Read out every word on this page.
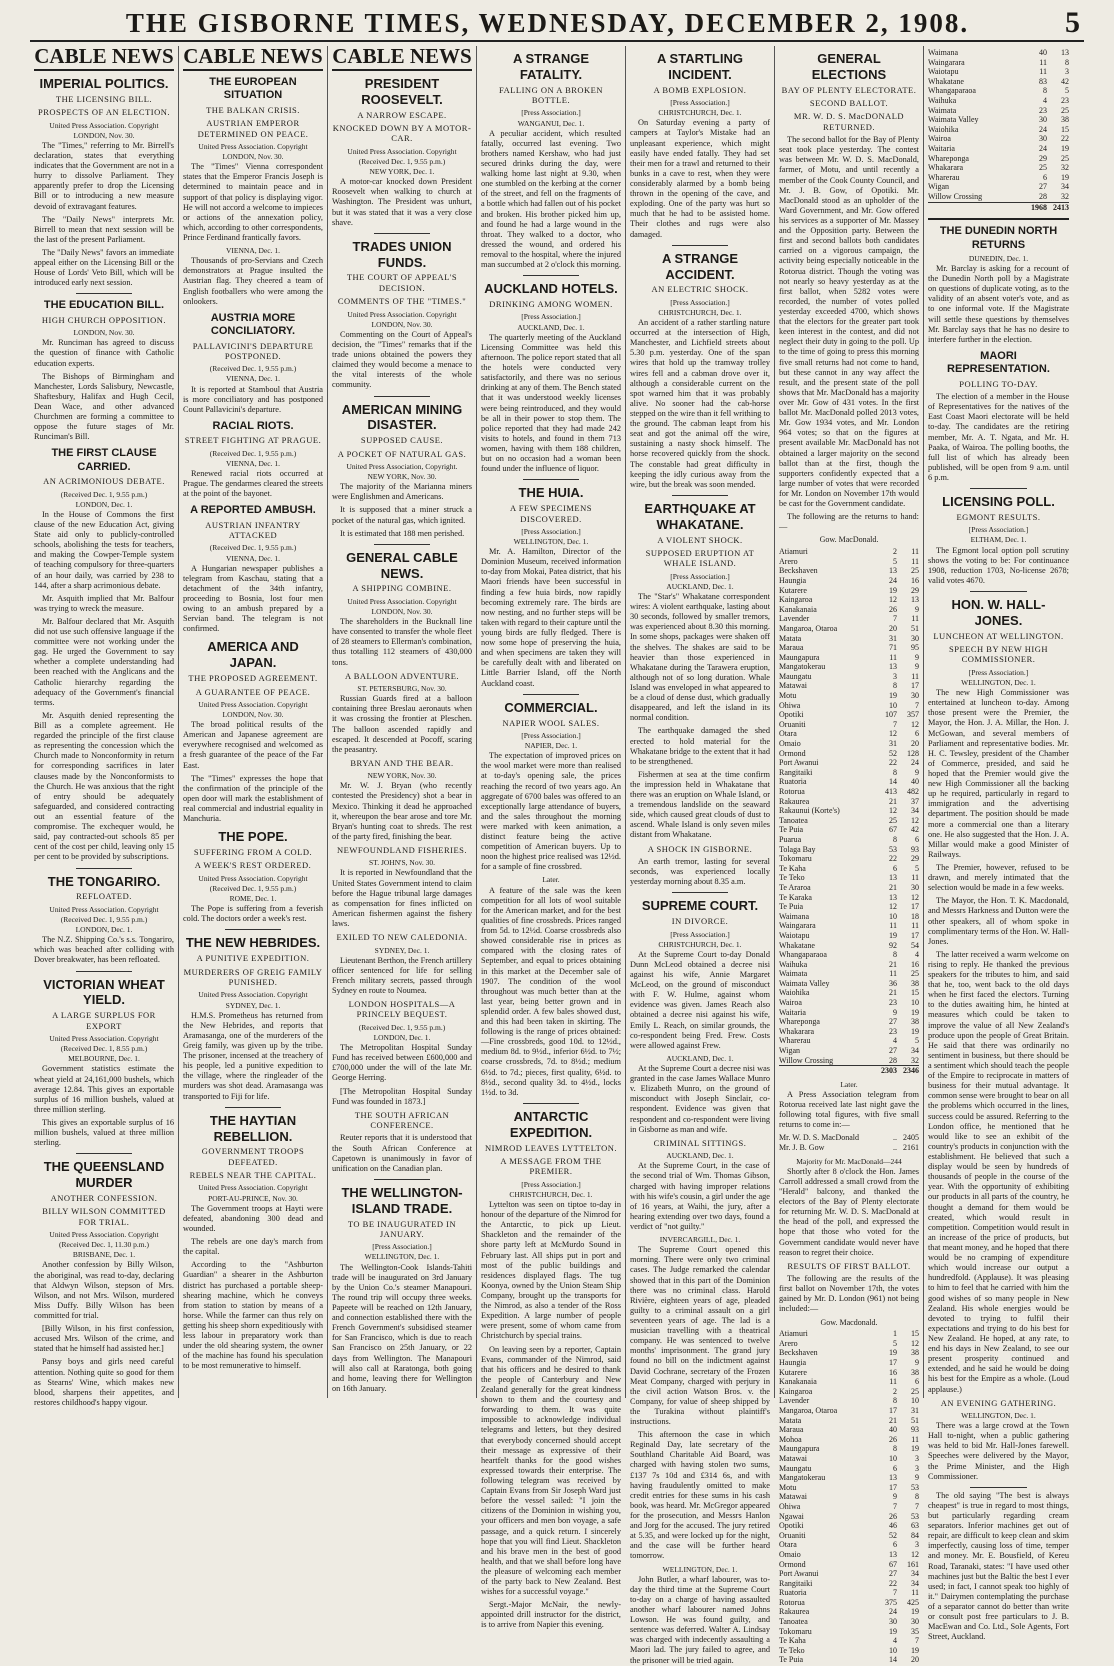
THE GISBORNE TIMES, WEDNESDAY, DECEMBER 2, 1908.	5
CABLE NEWS
IMPERIAL POLITICS.
THE LICENSING BILL.
PROSPECTS OF AN ELECTION.

United Press Association. Copyright

LONDON, Nov. 30.

The "Times," referring to Mr. Birrell's declaration, states that everything indicates that the Government are not in a hurry to dissolve Parliament. They apparently prefer to drop the Licensing Bill or to introducing a new measure devoid of extravagant features.

The "Daily News" interprets Mr. Birrell to mean that next session will be the last of the present Parliament.

The "Daily News" favors an immediate appeal either on the Licensing Bill or the House of Lords' Veto Bill, which will be introduced early next session.

THE EDUCATION BILL.
HIGH CHURCH OPPOSITION.

LONDON, Nov. 30.

Mr. Runciman has agreed to discuss the question of finance with Catholic education experts.

The Bishops of Birmingham and Manchester, Lords Salisbury, Newcastle, Shaftesbury, Halifax and Hugh Cecil, Dean Wace, and other advanced Churchmen are forming a committee to oppose the future stages of Mr. Runciman's Bill.

THE FIRST CLAUSE CARRIED.
AN ACRIMONIOUS DEBATE.

(Received Dec. 1, 9.55 p.m.)

LONDON, Dec. 1.

In the House of Commons the first clause of the new Education Act, giving State aid only to publicly-controlled schools, abolishing the tests for teachers, and making the Cowper-Temple system of teaching compulsory for three-quarters of an hour daily, was carried by 238 to 144, after a sharp acrimonious debate.

Mr. Asquith implied that Mr. Balfour was trying to wreck the measure.

Mr. Balfour declared that Mr. Asquith did not use such offensive language if the committee were not working under the gag. He urged the Government to say whether a complete understanding had been reached with the Anglicans and the Catholic hierarchy regarding the adequacy of the Government's financial terms.

Mr. Asquith denied representing the Bill as a complete agreement. He regarded the principle of the first clause as representing the concession which the Church made to Nonconformity in return for corresponding sacrifices in later clauses made by the Nonconformists to the Church. He was anxious that the right of entry should be adequately safeguarded, and considered contracting out an essential feature of the compromise. The exchequer would, he said, pay contracted-out schools 85 per cent of the cost per child, leaving only 15 per cent to be provided by subscriptions.

THE TONGARIRO.
REFLOATED.

United Press Association. Copyright

(Received Dec. 1, 9.55 p.m.)

LONDON, Dec. 1.

The N.Z. Shipping Co.'s s.s. Tongariro, which was beached after colliding with Dover breakwater, has been refloated.

VICTORIAN WHEAT YIELD.
A LARGE SURPLUS FOR EXPORT

United Press Association. Copyright

(Received Dec. 1, 8.55 p.m.)

MELBOURNE, Dec. 1.

Government statistics estimate the wheat yield at 24,161,000 bushels, which average 12.84. This gives an exportable surplus of 16 million bushels, valued at three million sterling.

This gives an exportable surplus of 16 million bushels, valued at three million sterling.

THE QUEENSLAND MURDER
ANOTHER CONFESSION.
BILLY WILSON COMMITTED FOR TRIAL.

United Press Association. Copyright

(Received Dec. 1, 11.30 p.m.)

BRISBANE, Dec. 1.

Another confession by Billy Wilson, the aboriginal, was read to-day, declaring that Aldwyn Wilson, stepson of Mrs. Wilson, and not Mrs. Wilson, murdered Miss Duffy. Billy Wilson has been committed for trial.

[Billy Wilson, in his first confession, accused Mrs. Wilson of the crime, and stated that he himself had assisted her.]

Pansy boys and girls need careful attention. Nothing quite so good for them as Stearns' Wine, which makes new blood, sharpens their appetites, and restores childhood's happy vigour.

CABLE NEWS
THE EUROPEAN SITUATION
THE BALKAN CRISIS.
AUSTRIAN EMPEROR DETERMINED ON PEACE.

United Press Association. Copyright

LONDON, Nov. 30.

The "Times" Vienna correspondent states that the Emperor Francis Joseph is determined to maintain peace and in support of that policy is displaying vigor. He will not accord a welcome to impieces or actions of the annexation policy, which, according to other correspondents, Prince Ferdinand frantically favors.

VIENNA, Dec. 1.

Thousands of pro-Servians and Czech demonstrators at Prague insulted the Austrian flag. They cheered a team of English footballers who were among the onlookers.

AUSTRIA MORE CONCILIATORY.
PALLAVICINI'S DEPARTURE POSTPONED.

(Received Dec. 1, 9.55 p.m.)

VIENNA, Dec. 1.

It is reported at Stamboul that Austria is more conciliatory and has postponed Count Pallavicini's departure.

RACIAL RIOTS.
STREET FIGHTING AT PRAGUE.

(Received Dec. 1, 9.55 p.m.)

VIENNA, Dec. 1.

Renewed racial riots occurred at Prague. The gendarmes cleared the streets at the point of the bayonet.

A REPORTED AMBUSH.
AUSTRIAN INFANTRY ATTACKED

(Received Dec. 1, 9.55 p.m.)

VIENNA, Dec. 1.

A Hungarian newspaper publishes a telegram from Kaschau, stating that a detachment of the 34th infantry, proceeding to Bosnia, lost four men owing to an ambush prepared by a Servian band. The telegram is not confirmed.

AMERICA AND JAPAN.
THE PROPOSED AGREEMENT.
A GUARANTEE OF PEACE.

United Press Association. Copyright

LONDON, Nov. 30.

The broad political results of the American and Japanese agreement are everywhere recognised and welcomed as a fresh guarantee of the peace of the Far East.

The "Times" expresses the hope that the confirmation of the principle of the open door will mark the establishment of real commercial and industrial equality in Manchuria.

THE POPE.
SUFFERING FROM A COLD.
A WEEK'S REST ORDERED.

United Press Association. Copyright

(Received Dec. 1, 9.55 p.m.)

ROME, Dec. 1.

The Pope is suffering from a feverish cold. The doctors order a week's rest.

THE NEW HEBRIDES.
A PUNITIVE EXPEDITION.
MURDERERS OF GREIG FAMILY PUNISHED.

United Press Association. Copyright

SYDNEY, Dec. 1.

H.M.S. Prometheus has returned from the New Hebrides, and reports that Aramasanga, one of the murderers of the Greig family, was given up by the tribe. The prisoner, incensed at the treachery of his people, led a punitive expedition to the village, where the ringleader of the murders was shot dead. Aramasanga was transported to Fiji for life.

THE HAYTIAN REBELLION.
GOVERNMENT TROOPS DEFEATED.
REBELS NEAR THE CAPITAL.

United Press Association. Copyright

PORT-AU-PRINCE, Nov. 30.

The Government troops at Hayti were defeated, abandoning 300 dead and wounded.

The rebels are one day's march from the capital.

According to the "Ashburton Guardian" a shearer in the Ashburton district has purchased a portable sheep-shearing machine, which he conveys from station to station by means of a horse. While the farmer can thus rely on getting his sheep shorn expeditiously with less labour in preparatory work than under the old shearing system, the owner of the machine has found his speculation to be most remunerative to himself.

CABLE NEWS
PRESIDENT ROOSEVELT.
A NARROW ESCAPE.
KNOCKED DOWN BY A MOTOR-CAR.

United Press Association. Copyright

(Received Dec. 1, 9.55 p.m.)

NEW YORK, Dec. 1.

A motor-car knocked down President Roosevelt when walking to church at Washington. The President was unhurt, but it was stated that it was a very close shave.

TRADES UNION FUNDS.
THE COURT OF APPEAL'S DECISION.
COMMENTS OF THE "TIMES."

United Press Association. Copyright

LONDON, Nov. 30.

Commenting on the Court of Appeal's decision, the "Times" remarks that if the trade unions obtained the powers they claimed they would become a menace to the vital interests of the whole community.

AMERICAN MINING DISASTER.
SUPPOSED CAUSE.
A POCKET OF NATURAL GAS.

United Press Association, Copyright.

NEW YORK, Nov. 30.

The majority of the Marianna miners were Englishmen and Americans.

It is supposed that a miner struck a pocket of the natural gas, which ignited.

It is estimated that 188 men perished.

GENERAL CABLE NEWS.
A SHIPPING COMBINE.

United Press Association. Copyright

LONDON, Nov. 30.

The shareholders in the Bucknall line have consented to transfer the whole fleet of 28 steamers to Ellerman's combination, thus totalling 112 steamers of 430,000 tons.

A BALLOON ADVENTURE.

ST. PETERSBURG, Nov. 30.

Russian Guards fired at a balloon containing three Breslau aeronauts when it was crossing the frontier at Pleschen. The balloon ascended rapidly and escaped. It descended at Pocoff, scaring the peasantry.

BRYAN AND THE BEAR.

NEW YORK, Nov. 30.

Mr. W. J. Bryan (who recently contested the Presidency) shot a bear in Mexico. Thinking it dead he approached it, whereupon the bear arose and tore Mr. Bryan's hunting coat to shreds. The rest of the party fired, finishing the bear.

NEWFOUNDLAND FISHERIES.

ST. JOHN'S, Nov. 30.

It is reported in Newfoundland that the United States Government intend to claim before the Hague tribunal large damages as compensation for fines inflicted on American fishermen against the fishery laws.

EXILED TO NEW CALEDONIA.

SYDNEY, Dec. 1.

Lieutenant Berthon, the French artillery officer sentenced for life for selling French military secrets, passed through Sydney en route to Noumea.

LONDON HOSPITALS—A PRINCELY BEQUEST.

(Received Dec. 1, 9.55 p.m.)

LONDON, Dec. 1.

The Metropolitan Hospital Sunday Fund has received between £600,000 and £700,000 under the will of the late Mr. George Herring.

[The Metropolitan Hospital Sunday Fund was founded in 1873.]

THE SOUTH AFRICAN CONFERENCE.

Reuter reports that it is understood that the South African Conference at Capetown is unanimously in favor of unification on the Canadian plan.

THE WELLINGTON-ISLAND TRADE.
TO BE INAUGURATED IN JANUARY.

[Press Association.]

WELLINGTON, Dec. 1.

The Wellington-Cook Islands-Tahiti trade will be inaugurated on 3rd January by the Union Co.'s steamer Manapouri. The round trip will occupy three weeks. Papeete will be reached on 12th January, and connection established there with the French Government's subsidised steamer for San Francisco, which is due to reach San Francisco on 25th January, or 22 days from Wellington. The Manapouri will also call at Raratonga, both going and home, leaving there for Wellington on 16th January.

A STRANGE FATALITY.
FALLING ON A BROKEN BOTTLE.

[Press Association.]

WANGANUI, Dec. 1.

A peculiar accident, which resulted fatally, occurred last evening. Two brothers named Kershaw, who had just secured drinks during the day, were walking home last night at 9.30, when one stumbled on the kerbing at the corner of the street, and fell on the fragments of a bottle which had fallen out of his pocket and broken. His brother picked him up, and found he had a large wound in the throat. They walked to a doctor, who dressed the wound, and ordered his removal to the hospital, where the injured man succumbed at 2 o'clock this morning.

AUCKLAND HOTELS.
DRINKING AMONG WOMEN.

[Press Association.]

AUCKLAND, Dec. 1.

The quarterly meeting of the Auckland Licensing Committee was held this afternoon. The police report stated that all the hotels were conducted very satisfactorily, and there was no serious drinking at any of them. The Bench stated that it was understood weekly licenses were being reintroduced, and they would be all in their power to stop them. The police reported that they had made 242 visits to hotels, and found in them 713 women, having with them 188 children, but on no occasion had a woman been found under the influence of liquor.

THE HUIA.
A FEW SPECIMENS DISCOVERED.

[Press Association.]

WELLINGTON, Dec. 1.

Mr. A. Hamilton, Director of the Dominion Museum, received information to-day from Mokai, Patea district, that his Maori friends have been successful in finding a few huia birds, now rapidly becoming extremely rare. The birds are now nesting, and no further steps will be taken with regard to their capture until the young birds are fully fledged. There is now some hope of preserving the huia, and when specimens are taken they will be carefully dealt with and liberated on Little Barrier Island, off the North Auckland coast.

COMMERCIAL.
NAPIER WOOL SALES.

[Press Association.]

NAPIER, Dec. 1.

The expectation of improved prices on the wool market were more than realised at to-day's opening sale, the prices reaching the record of two years ago. An aggregate of 6700 bales was offered to an exceptionally large attendance of buyers, and the sales throughout the morning were marked with keen animation, a distinct feature being the active competition of American buyers. Up to noon the highest price realised was 12½d. for a sample of fine crossbred.

Later.

A feature of the sale was the keen competition for all lots of wool suitable for the American market, and for the best qualities of fine crossbreds. Prices ranged from 5d. to 12½d. Coarse crossbreds also showed considerable rise in prices as compared with the closing rates of September, and equal to prices obtaining in this market at the December sale of 1907. The condition of the wool throughout was much better than at the last year, being better grown and in splendid order. A few bales showed dust, and this had been taken in skirting. The following is the range of prices obtained:—Fine crossbreds, good 10d. to 12½d., medium 8d. to 9½d., inferior 6½d. to 7½; coarse crossbreds, 7d. to 8½d.; medium 6½d. to 7d.; pieces, first quality, 6½d. to 8½d., second quality 3d. to 4½d., locks 1½d. to 3d.

ANTARCTIC EXPEDITION.
NIMROD LEAVES LYTTELTON.
A MESSAGE FROM THE PREMIER.

[Press Association.]

CHRISTCHURCH, Dec. 1.

Lyttelton was seen on tiptoe to-day in honour of the departure of the Nimrod for the Antarctic, to pick up Lieut. Shackleton and the remainder of the shore party left at McMurdo Sound in February last. All ships put in port and most of the public buildings and residences displayed flags. The tug Koonya, owned by the Union Steam Ship Company, brought up the transports for the Nimrod, as also a tender of the Ross Expedition. A large number of people were present, some of whom came from Christchurch by special trains.

On leaving seen by a reporter, Captain Evans, commander of the Nimrod, said that his officers and he desired to thank the people of Canterbury and New Zealand generally for the great kindness shown to them and the courtesy and forwarding to them. It was quite impossible to acknowledge individual telegrams and letters, but they desired that everybody concerned should accept their message as expressive of their heartfelt thanks for the good wishes expressed towards their enterprise. The following telegram was received by Captain Evans from Sir Joseph Ward just before the vessel sailed: "I join the citizens of the Dominion in wishing you, your officers and men bon voyage, a safe passage, and a quick return. I sincerely hope that you will find Lieut. Shackleton and his brave men in the best of good health, and that we shall before long have the pleasure of welcoming each member of the party back to New Zealand. Best wishes for a successful voyage."

Sergt.-Major McNair, the newly-appointed drill instructor for the district, is to arrive from Napier this evening.

A STARTLING INCIDENT.
A BOMB EXPLOSION.

[Press Association.]

CHRISTCHURCH, Dec. 1.

On Saturday evening a party of campers at Taylor's Mistake had an unpleasant experience, which might easily have ended fatally. They had set their men for a trawl and returned to their bunks in a cave to rest, when they were considerably alarmed by a bomb being thrown in the opening of the cave, and exploding. One of the party was hurt so much that he had to be assisted home. Their clothes and rugs were also damaged.

A STRANGE ACCIDENT.
AN ELECTRIC SHOCK.

[Press Association.]

CHRISTCHURCH, Dec. 1.

An accident of a rather startling nature occurred at the intersection of High, Manchester, and Lichfield streets about 5.30 p.m. yesterday. One of the span wires that hold up the tramway trolley wires fell and a cabman drove over it, although a considerable current on the spot warned him that it was probably alive. No sooner had the cab-horse stepped on the wire than it fell writhing to the ground. The cabman leapt from his seat and got the animal off the wire, sustaining a nasty shock himself. The horse recovered quickly from the shock. The constable had great difficulty in keeping the idly curious away from the wire, but the break was soon mended.

EARTHQUAKE AT WHAKATANE.
A VIOLENT SHOCK.
SUPPOSED ERUPTION AT WHALE ISLAND.

[Press Association.]

AUCKLAND, Dec. 1.

The "Star's" Whakatane correspondent wires: A violent earthquake, lasting about 30 seconds, followed by smaller tremors, was experienced about 8.30 this morning. In some shops, packages were shaken off the shelves. The shakes are said to be heavier than those experienced in Whakatane during the Tarawera eruption, although not of so long duration. Whale Island was enveloped in what appeared to be a cloud of dense dust, which gradually disappeared, and left the island in its normal condition.

The earthquake damaged the shed erected to hold material for the Whakatane bridge to the extent that it had to be strengthened.

Fishermen at sea at the time confirm the impression held in Whakatane that there was an eruption on Whale Island, or a tremendous landslide on the seaward side, which caused great clouds of dust to ascend. Whale Island is only seven miles distant from Whakatane.

A SHOCK IN GISBORNE.

An earth tremor, lasting for several seconds, was experienced locally yesterday morning about 8.35 a.m.

SUPREME COURT.
IN DIVORCE.

[Press Association.]

CHRISTCHURCH, Dec. 1.

At the Supreme Court to-day Donald Dunn McLeod obtained a decree nisi against his wife, Annie Margaret McLeod, on the ground of misconduct with F. W. Hulme, against whom evidence was given. James Reach also obtained a decree nisi against his wife, Emily L. Reach, on similar grounds, the co-respondent being Fred. Frew. Costs were allowed against Frew.

AUCKLAND, Dec. 1.

At the Supreme Court a decree nisi was granted in the case James Wallace Munro v. Elizabeth Munro, on the ground of misconduct with Joseph Sinclair, co-respondent. Evidence was given that respondent and co-respondent were living in Gisborne as man and wife.

CRIMINAL SITTINGS.

AUCKLAND, Dec. 1.

At the Supreme Court, in the case of the second trial of Wm. Thomas Gibson, charged with having improper relations with his wife's cousin, a girl under the age of 16 years, at Waihi, the jury, after a hearing extending over two days, found a verdict of "not guilty."

INVERCARGILL, Dec. 1.

The Supreme Court opened this morning. There were only two criminal cases. The Judge remarked the calendar showed that in this part of the Dominion there was no criminal class. Harold Rivière, eighteen years of age, pleaded guilty to a criminal assault on a girl seventeen years of age. The lad is a musician travelling with a theatrical company. He was sentenced to twelve months' imprisonment. The grand jury found no bill on the indictment against David Cochrane, secretary of the Frozen Meat Company, charged with perjury in the civil action Watson Bros. v. the Company, for value of sheep shipped by the Turakina without plaintiff's instructions.

This afternoon the case in which Reginald Day, late secretary of the Southland Charitable Aid Board, was charged with having stolen two sums, £137 7s 10d and £314 6s, and with having fraudulently omitted to make credit entries for these sums in his cash book, was heard. Mr. McGregor appeared for the prosecution, and Messrs Hanlon and Jorg for the accused. The jury retired at 5.35, and were locked up for the night, and the case will be further heard tomorrow.

WELLINGTON, Dec. 1.

John Butler, a wharf labourer, was to-day the third time at the Supreme Court to-day on a charge of having assaulted another wharf labourer named Johns Lowson. He was found guilty, and sentence was deferred. Walter A. Lindsay was charged with indecently assaulting a Maori lad. The jury failed to agree, and the prisoner will be tried again.

GENERAL ELECTIONS
BAY OF PLENTY ELECTORATE.
SECOND BALLOT.
MR. W. D. S. MacDONALD RETURNED.

The second ballot for the Bay of Plenty seat took place yesterday. The contest was between Mr. W. D. S. MacDonald, farmer, of Motu, and until recently a member of the Cook County Council, and Mr. J. B. Gow, of Opotiki. Mr. MacDonald stood as an upholder of the Ward Government, and Mr. Gow offered his services as a supporter of Mr. Massey and the Opposition party. Between the first and second ballots both candidates carried on a vigorous campaign, the activity being especially noticeable in the Rotorua district. Though the voting was not nearly so heavy yesterday as at the first ballot, when 5282 votes were recorded, the number of votes polled yesterday exceeded 4700, which shows that the electors for the greater part took keen interest in the contest, and did not neglect their duty in going to the poll. Up to the time of going to press this morning five small returns had not come to hand, but these cannot in any way affect the result, and the present state of the poll shows that Mr. MacDonald has a majority over Mr. Gow of 431 votes. In the first ballot Mr. MacDonald polled 2013 votes, Mr. Gow 1934 votes, and Mr. London 964 votes; so that on the figures at present available Mr. MacDonald has not obtained a larger majority on the second ballot than at the first, though the supporters confidently expected that a large number of votes that were recorded for Mr. London on November 17th would be cast for the Government candidate.

The following are the returns to hand:—

Gow. MacDonald.
Atiamuri	2	11
Arero	5	11
Beckshaven	13	25
Haungia	24	16
Kutarere	19	29
Kaingaroa	12	13
Kanakanaia	26	9
Lavender	7	11
Mangaroa, Otaroa	20	51
Matata	31	30
Maraua	71	95
Maungapura	11	9
Mangatokerau	13	9
Maungatu	3	11
Matawai	8	17
Motu	19	30
Ohiwa	10	7
Opotiki	107	357
Oruaniti	7	12
Otara	12	6
Omaio	31	20
Ormond	52	128
Port Awanui	22	24
Rangitaiki	8	9
Ruatoria	14	40
Rotorua	413	482
Rakaurea	21	37
Rakaunui (Korte's)	12	34
Tanoatea	25	12
Te Puia	67	42
Puarua	8	6
Tolaga Bay	53	93
Tokomaru	22	29
Te Kaha	6	5
Te Teko	13	11
Te Araroa	21	30
Te Karaka	13	12
Te Puia	12	17
Waimana	10	18
Waingarara	11	11
Waiotapu	19	17
Whakatane	92	54
Whangaparaoa	8	4
Waihuka	21	16
Waimata	11	25
Waimata Valley	36	38
Waiohika	21	15
Wairoa	23	10
Waitaria	9	19
Whareponga	27	38
Whakarara	23	19
Wharerau	4	5
Wigan	27	34
Willow Crossing	28	32
	2303	2346

Later.

A Press Association telegram from Rotorua received late last night gave the following total figures, with five small returns to come in:—

Mr. W. D. S. MacDonald	..	2405
Mr. J. B. Gow	..	2161

Majority for Mr. MacDonald—244

Shortly after 8 o'clock the Hon. James Carroll addressed a small crowd from the "Herald" balcony, and thanked the electors of the Bay of Plenty electorate for returning Mr. W. D. S. MacDonald at the head of the poll, and expressed the hope that those who voted for the Government candidate would never have reason to regret their choice.

RESULTS OF FIRST BALLOT.

The following are the results of the first ballot on November 17th, the votes gained by Mr. D. London (961) not being included:—

Gow. Macdonald.
Atiamuri	1	15
Arero	5	12
Beckshaven	19	38
Haungia	17	9
Kutarere	16	38
Kanakanaia	11	6
Kaingaroa	2	25
Lavender	8	10
Mangaroa, Otaroa	17	31
Matata	21	51
Maraua	40	93
Mohoa	26	11
Maungapura	8	19
Matawai	10	3
Maungatu	6	3
Mangatokerau	13	9
Motu	17	53
Matawai	9	8
Ohiwa	7	7
Ngawai	26	53
Opotiki	46	63
Oruaniti	52	84
Otara	6	3
Omaio	13	12
Ormond	67	161
Port Awanui	27	34
Rangitaiki	22	34
Ruatoria	7	11
Rotorua	375	425
Rakaurea	24	19
Tanoatea	30	30
Tokomaru	19	35
Te Kaha	4	7
Te Teko	10	19
Te Puia	14	20
Waimana	40	13
Waingarara	11	8
Waiotapu	11	3
Whakatane	83	42
Whangaparaoa	8	5
Waihuka	4	23
Waimata	23	25
Waimata Valley	30	38
Waiohika	24	15
Wairoa	30	22
Waitaria	24	19
Whareponga	29	25
Whakarara	25	32
Wharerau	6	19
Wigan	27	34
Willow Crossing	28	32
	1968	2413
THE DUNEDIN NORTH RETURNS

DUNEDIN, Dec. 1.

Mr. Barclay is asking for a recount of the Dunedin North poll by a Magistrate on questions of duplicate voting, as to the validity of an absent voter's vote, and as to one informal vote. If the Magistrate will settle these questions by themselves Mr. Barclay says that he has no desire to interfere further in the election.

MAORI REPRESENTATION.
POLLING TO-DAY.

The election of a member in the House of Representatives for the natives of the East Coast Maori electorate will be held to-day. The candidates are the retiring member, Mr. A. T. Ngata, and Mr. H. Paaka, of Wairoa. The polling booths, the full list of which has already been published, will be open from 9 a.m. until 6 p.m.

LICENSING POLL.
EGMONT RESULTS.

[Press Association.]

ELTHAM, Dec. 1.

The Egmont local option poll scrutiny shows the voting to be: For continuance 1908, reduction 1703, No-license 2678; valid votes 4670.

HON. W. HALL-JONES.
LUNCHEON AT WELLINGTON.
SPEECH BY NEW HIGH COMMISSIONER.

[Press Association.]

WELLINGTON, Dec. 1.

The new High Commissioner was entertained at luncheon to-day. Among those present were the Premier, the Mayor, the Hon. J. A. Millar, the Hon. J. McGowan, and several members of Parliament and representative bodies. Mr. H. C. Tewsley, president of the Chamber of Commerce, presided, and said he hoped that the Premier would give the new High Commissioner all the backing up he required, particularly in regard to immigration and the advertising department. The position should be made more a commercial one than a literary one. He also suggested that the Hon. J. A. Millar would make a good Minister of Railways.

The Premier, however, refused to be drawn, and merely intimated that the selection would be made in a few weeks.

The Mayor, the Hon. T. K. Macdonald, and Messrs Harkness and Dutton were the other speakers, all of whom spoke in complimentary terms of the Hon. W. Hall-Jones.

The latter received a warm welcome on rising to reply. He thanked the previous speakers for the tributes to him, and said that he, too, went back to the old days when he first faced the electors. Turning to the duties awaiting him, he hinted at measures which could be taken to improve the value of all New Zealand's produce upon the people of Great Britain. He said that there was ordinarily no sentiment in business, but there should be a sentiment which should teach the people of the Empire to reciprocate in matters of business for their mutual advantage. It common sense were brought to bear on all the problems which occurred in the lines, success could be assured. Referring to the London office, he mentioned that he would like to see an exhibit of the country's products in conjunction with the establishment. He believed that such a display would be seen by hundreds of thousands of people in the course of the year. With the opportunity of exhibiting our products in all parts of the country, he thought a demand for them would be created, which would result in competition. Competition would result in an increase of the price of products, but that meant money, and he hoped that there would be no cramping of expenditure which would increase our output a hundredfold. (Applause). It was pleasing to him to feel that he carried with him the good wishes of so many people in New Zealand. His whole energies would be devoted to trying to fulfil their expectations and trying to do his best for New Zealand. He hoped, at any rate, to end his days in New Zealand, to see our present prosperity continued and extended, and he said he would be doing his best for the Empire as a whole. (Loud applause.)

AN EVENING GATHERING.

WELLINGTON, Dec. 1.

There was a large crowd at the Town Hall to-night, when a public gathering was held to bid Mr. Hall-Jones farewell. Speeches were delivered by the Mayor, the Prime Minister, and the High Commissioner.

The old saying "The best is always cheapest" is true in regard to most things, but particularly regarding cream separators. Inferior machines get out of repair, are difficult to keep clean and skim imperfectly, causing loss of time, temper and money. Mr. E. Bousfield, of Kereu Road, Taranaki, states: "I have used other machines just but the Baltic the best I ever used; in fact, I cannot speak too highly of it." Dairymen contemplating the purchase of a separator cannot do better than write or consult post free particulars to J. B. MacEwan and Co. Ltd., Sole Agents, Fort Street, Auckland.
